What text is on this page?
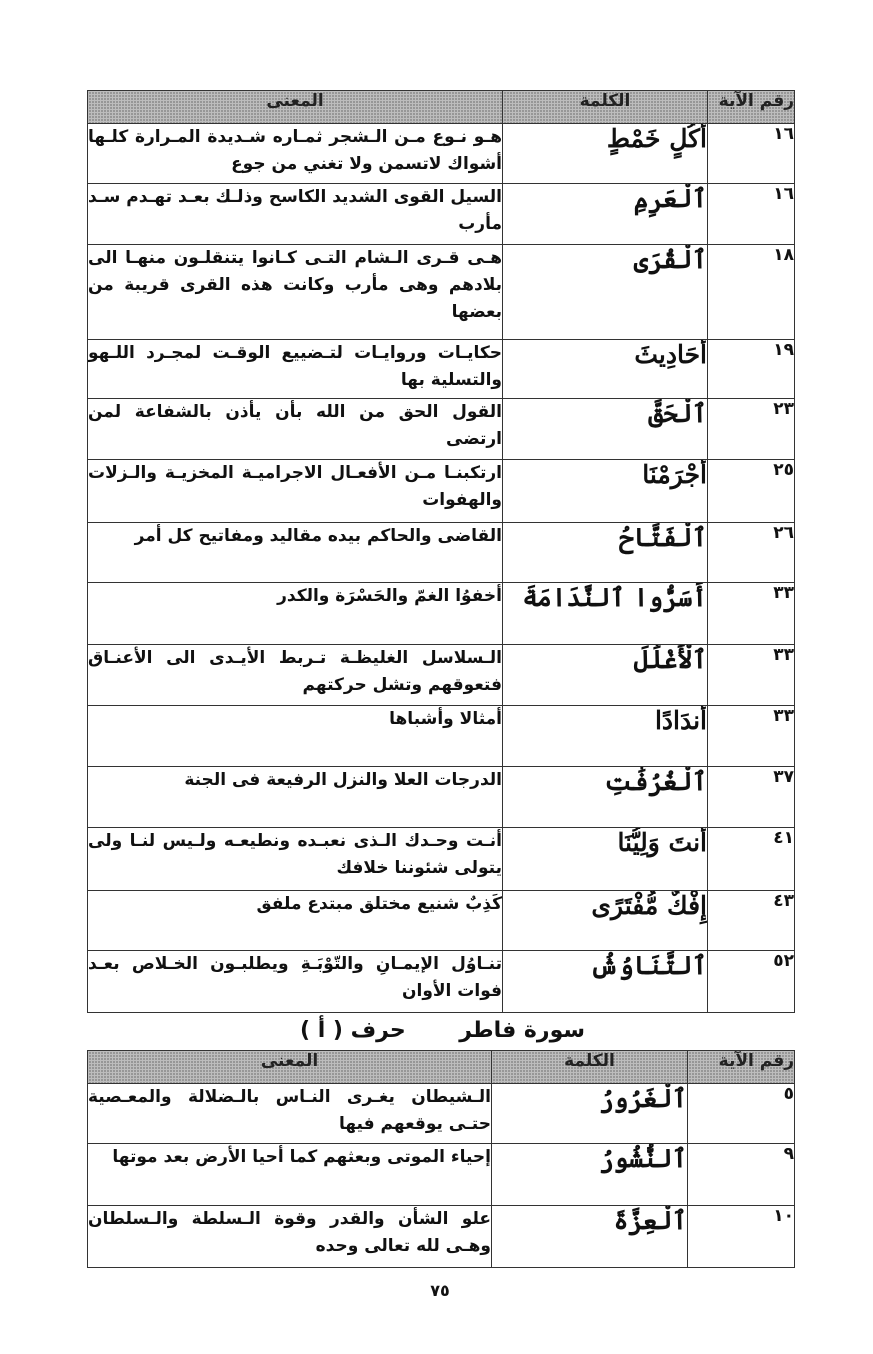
رقم الآية	الكلمة	المعنى
١٦	أُكُلٍ خَمْطٍ	هـو نـوع مـن الـشجر ثمـاره شـديدة المـرارة كلـها أشواك لاتسمن ولا تغني من جوع
١٦	ٱلْعَرِمِ	السيل القوى الشديد الكاسح وذلـك بعـد تهـدم سـد مأرب
١٨	ٱلْقُرَى	هـى قـرى الـشام التـى كـانوا يتنقلـون منهـا الى بلادهم وهى مأرب وكانت هذه القرى قريبة من بعضها
١٩	أَحَادِيثَ	حكايـات وروايـات لتـضييع الوقـت لمجـرد اللـهو والتسلية بها
٢٣	ٱلْحَقَّ	القول الحق من الله بأن يأذن بالشفاعة لمن ارتضى
٢٥	أَجْرَمْنَا	ارتكبنـا مـن الأفعـال الاجراميـة المخزيـة والـزلات والهفوات
٢٦	ٱلْفَتَّاحُ	القاضى والحاكم بيده مقاليد ومفاتيح كل أمر
٣٣	أَسَرُّوا ٱلنَّدَامَةَ	أخفوُا الغمّ والحَسْرَة والكدر
٣٣	ٱلْأَغْلَٰلَ	الـسلاسل الغليظـة تـربط الأيـدى الى الأعنـاق فتعوقهم وتشل حركتهم
٣٣	أَندَادًا	أمثالا وأشباها
٣٧	ٱلْغُرُفَٰتِ	الدرجات العلا والنزل الرفيعة فى الجنة
٤١	أَنتَ وَلِيُّنَا	أنـت وحـدك الـذى نعبـده ونطيعـه ولـيس لنـا ولى يتولى شئوننا خلافك
٤٣	إِفْكٌ مُّفْتَرًى	كَذِبٌ شنيع مختلق مبتدع ملفق
٥٢	ٱلتَّنَاوُشُ	تنـاوُل الإيمـانِ والتّوْبَـةِ ويطلبـون الخـلاص بعـد فوات الأوان
سورة فاطر
حرف ( أ )
رقم الآية	الكلمة	المعنى
٥	ٱلْغَرُورُ	الـشيطان يغـرى النـاس بالـضلالة والمعـصية حتـى يوقعهم فيها
٩	ٱلنُّشُورُ	إحياء الموتى وبعثهم كما أحيا الأرض بعد موتها
١٠	ٱلْعِزَّةَ	علو الشأن والقدر وقوة الـسلطة والـسلطان وهـى لله تعالى وحده
٧٥
